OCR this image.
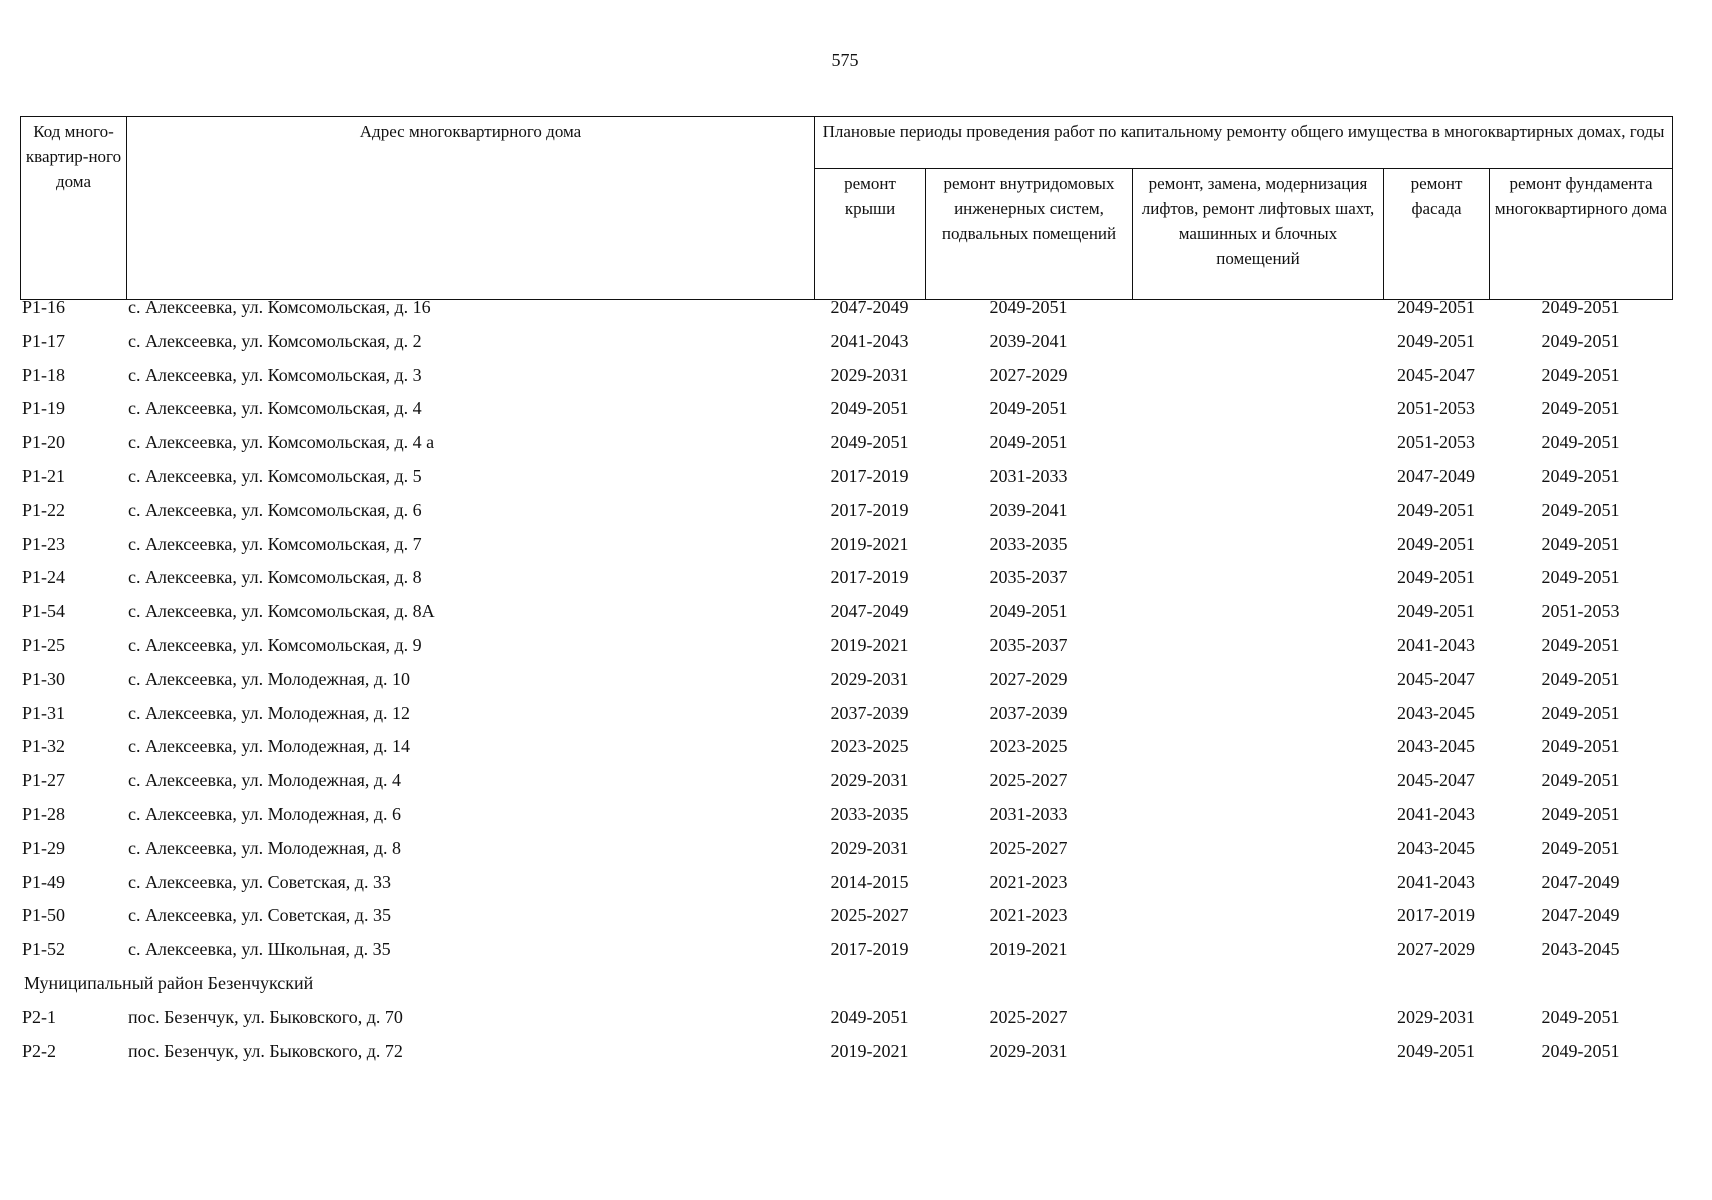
575
Код много-квартир-ного дома	Адрес многоквартирного дома	Плановые периоды проведения работ по капитальному ремонту общего имущества в многоквартирных домах, годы				
		ремонт крыши	ремонт внутридомовых инженерных систем, подвальных помещений	ремонт, замена, модернизация лифтов, ремонт лифтовых шахт, машинных и блочных помещений	ремонт фасада	ремонт фундамента многоквартирного дома
Р1-16	с. Алексеевка, ул. Комсомольская, д. 16	2047-2049	2049-2051		2049-2051	2049-2051
Р1-17	с. Алексеевка, ул. Комсомольская, д. 2	2041-2043	2039-2041		2049-2051	2049-2051
Р1-18	с. Алексеевка, ул. Комсомольская, д. 3	2029-2031	2027-2029		2045-2047	2049-2051
Р1-19	с. Алексеевка, ул. Комсомольская, д. 4	2049-2051	2049-2051		2051-2053	2049-2051
Р1-20	с. Алексеевка, ул. Комсомольская, д. 4 а	2049-2051	2049-2051		2051-2053	2049-2051
Р1-21	с. Алексеевка, ул. Комсомольская, д. 5	2017-2019	2031-2033		2047-2049	2049-2051
Р1-22	с. Алексеевка, ул. Комсомольская, д. 6	2017-2019	2039-2041		2049-2051	2049-2051
Р1-23	с. Алексеевка, ул. Комсомольская, д. 7	2019-2021	2033-2035		2049-2051	2049-2051
Р1-24	с. Алексеевка, ул. Комсомольская, д. 8	2017-2019	2035-2037		2049-2051	2049-2051
Р1-54	с. Алексеевка, ул. Комсомольская, д. 8А	2047-2049	2049-2051		2049-2051	2051-2053
Р1-25	с. Алексеевка, ул. Комсомольская, д. 9	2019-2021	2035-2037		2041-2043	2049-2051
Р1-30	с. Алексеевка, ул. Молодежная, д. 10	2029-2031	2027-2029		2045-2047	2049-2051
Р1-31	с. Алексеевка, ул. Молодежная, д. 12	2037-2039	2037-2039		2043-2045	2049-2051
Р1-32	с. Алексеевка, ул. Молодежная, д. 14	2023-2025	2023-2025		2043-2045	2049-2051
Р1-27	с. Алексеевка, ул. Молодежная, д. 4	2029-2031	2025-2027		2045-2047	2049-2051
Р1-28	с. Алексеевка, ул. Молодежная, д. 6	2033-2035	2031-2033		2041-2043	2049-2051
Р1-29	с. Алексеевка, ул. Молодежная, д. 8	2029-2031	2025-2027		2043-2045	2049-2051
Р1-49	с. Алексеевка, ул. Советская, д. 33	2014-2015	2021-2023		2041-2043	2047-2049
Р1-50	с. Алексеевка, ул. Советская, д. 35	2025-2027	2021-2023		2017-2019	2047-2049
Р1-52	с. Алексеевка, ул. Школьная, д. 35	2017-2019	2019-2021		2027-2029	2043-2045
Муниципальный район Безенчукский						
Р2-1	пос. Безенчук, ул. Быковского, д. 70	2049-2051	2025-2027		2029-2031	2049-2051
Р2-2	пос. Безенчук, ул. Быковского, д. 72	2019-2021	2029-2031		2049-2051	2049-2051
